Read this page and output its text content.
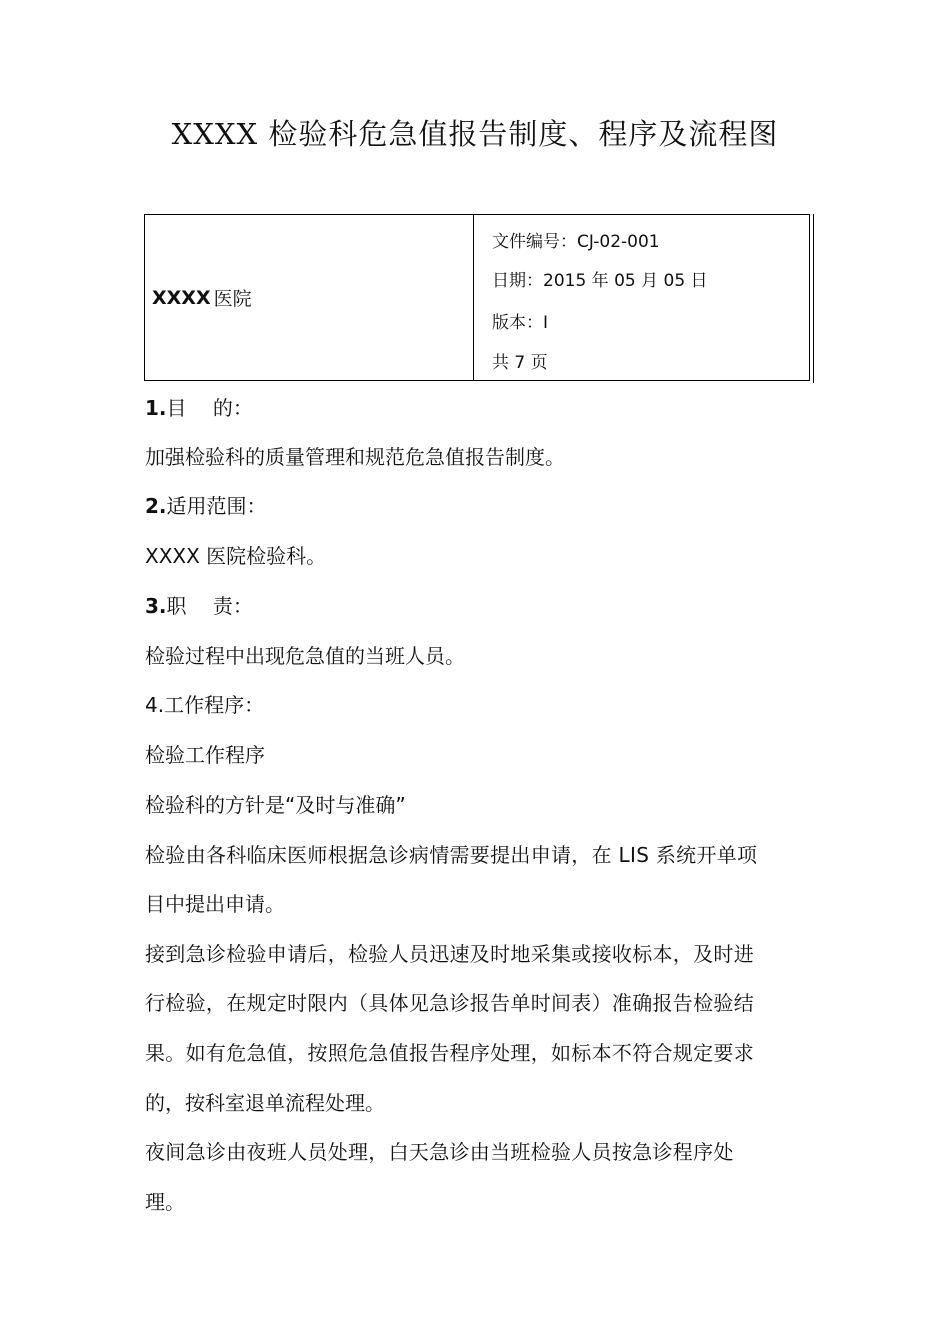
XXXX 检验科危急值报告制度、程序及流程图
XXXX 医院
文件编号：CJ-02-001
日期：2015 年 05 月 05 日
版本：I
共 7 页
1.目　 的：
加强检验科的质量管理和规范危急值报告制度。
2.适用范围：
XXXX 医院检验科。
3.职　 责：
检验过程中出现危急值的当班人员。
4.工作程序：
检验工作程序
检验科的方针是“及时与准确”
检验由各科临床医师根据急诊病情需要提出申请，在 LIS 系统开单项
目中提出申请。
接到急诊检验申请后，检验人员迅速及时地采集或接收标本，及时进
行检验，在规定时限内（具体见急诊报告单时间表）准确报告检验结
果。如有危急值，按照危急值报告程序处理，如标本不符合规定要求
的，按科室退单流程处理。
夜间急诊由夜班人员处理，白天急诊由当班检验人员按急诊程序处
理。
